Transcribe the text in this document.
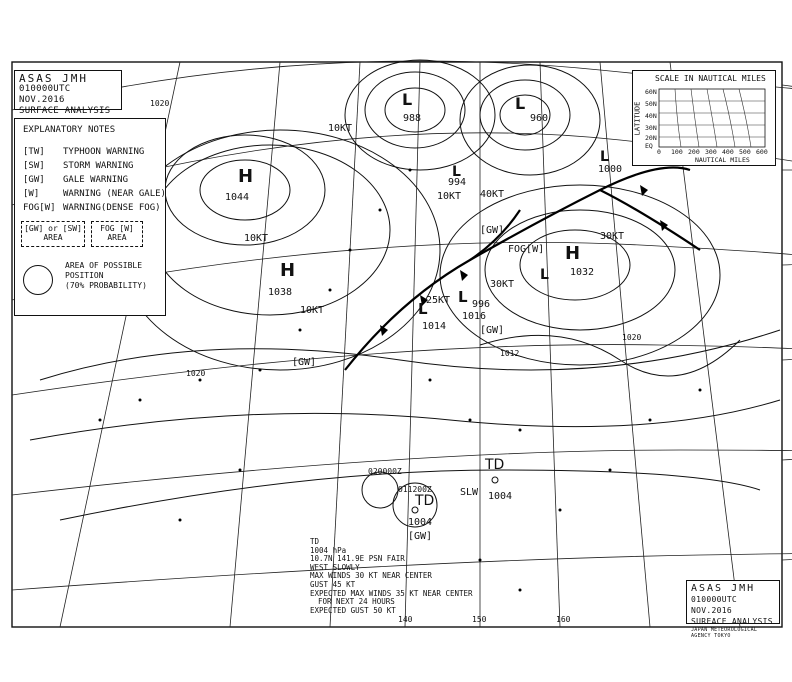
L
988
L
960
H
1044
H
1038
H
1032
L
1014
L
1016
L
994
996
L
1000
L
TD
1004
TD
1004
10KT
10KT
10KT
10KT
25KT
30KT
30KT
40KT
[GW]
[GW]
[GW]
[GW]
FOG[W]
SLW
020000Z
011200Z
1020
1020
1020
1012
140	150	160
TD
1004 hPa
10.7N 141.9E PSN FAIR
WEST SLOWLY
MAX WINDS 30 KT NEAR CENTER
GUST 45 KT
EXPECTED MAX WINDS 35 KT NEAR CENTER
FOR NEXT 24 HOURS
EXPECTED GUST 50 KT
ASAS JMH
010000UTC NOV.2016
SURFACE ANALYSIS
EXPLANATORY NOTES
[TW] TYPHOON WARNING
[SW] STORM WARNING
[GW] GALE WARNING
[W]	WARNING (NEAR GALE)
FOG[W] WARNING(DENSE FOG)
[GW] or [SW]
AREA
FOG [W]
AREA
AREA OF POSSIBLE
POSITION
(70% PROBABILITY)
SCALE IN NAUTICAL MILES
LATITUDE
60N
50N
40N
30N
20N
EQ
0 100 200 300 400 500 600
NAUTICAL MILES
ASAS JMH
010000UTC NOV.2016
SURFACE ANALYSIS
JAPAN METEOROLOGICAL AGENCY TOKYO
